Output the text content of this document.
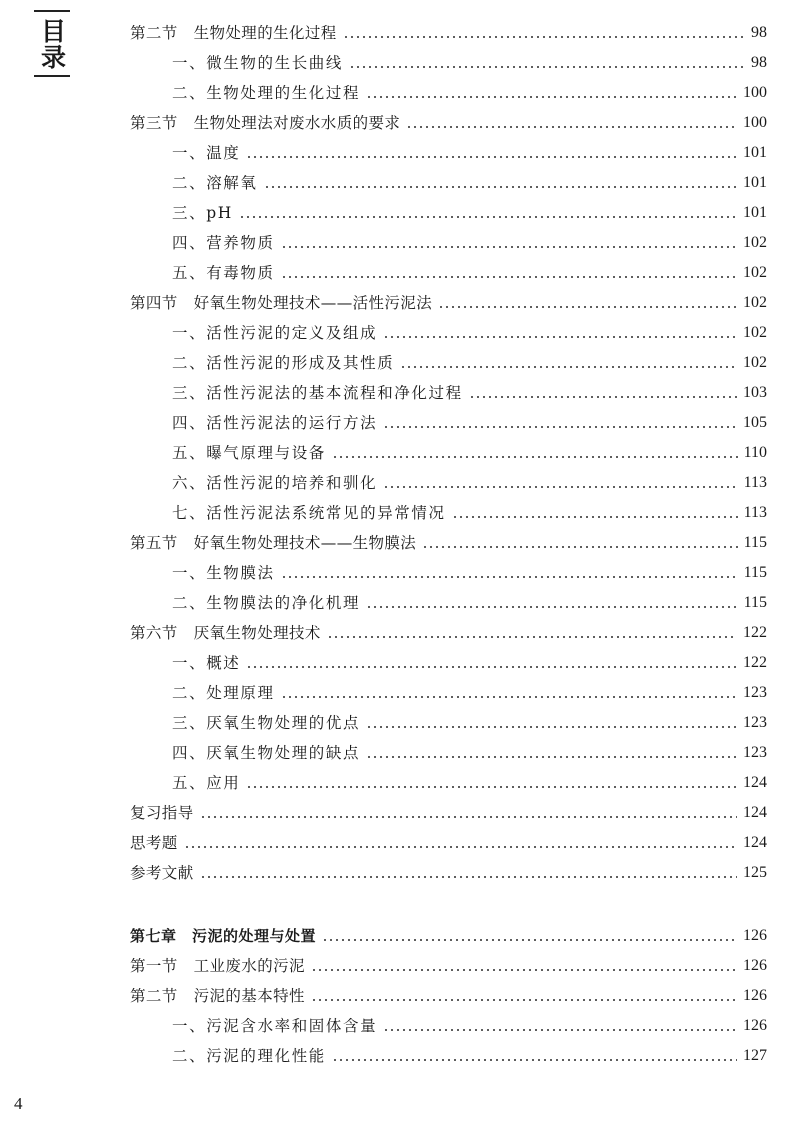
目录	第二节　生物处理的生化过程	98
一、微生物的生长曲线	98
二、生物处理的生化过程	100
第三节　生物处理法对废水水质的要求	100
一、温度	101
二、溶解氧	101
三、pH	101
四、营养物质	102
五、有毒物质	102
第四节　好氧生物处理技术——活性污泥法	102
一、活性污泥的定义及组成	102
二、活性污泥的形成及其性质	102
三、活性污泥法的基本流程和净化过程	103
四、活性污泥法的运行方法	105
五、曝气原理与设备	110
六、活性污泥的培养和驯化	113
七、活性污泥法系统常见的异常情况	113
第五节　好氧生物处理技术——生物膜法	115
一、生物膜法	115
二、生物膜法的净化机理	115
第六节　厌氧生物处理技术	122
一、概述	122
二、处理原理	123
三、厌氧生物处理的优点	123
四、厌氧生物处理的缺点	123
五、应用	124
复习指导	124
思考题	124
参考文献	125
第七章　污泥的处理与处置	126
第一节　工业废水的污泥	126
第二节　污泥的基本特性	126
一、污泥含水率和固体含量	126
二、污泥的理化性能	127
4
